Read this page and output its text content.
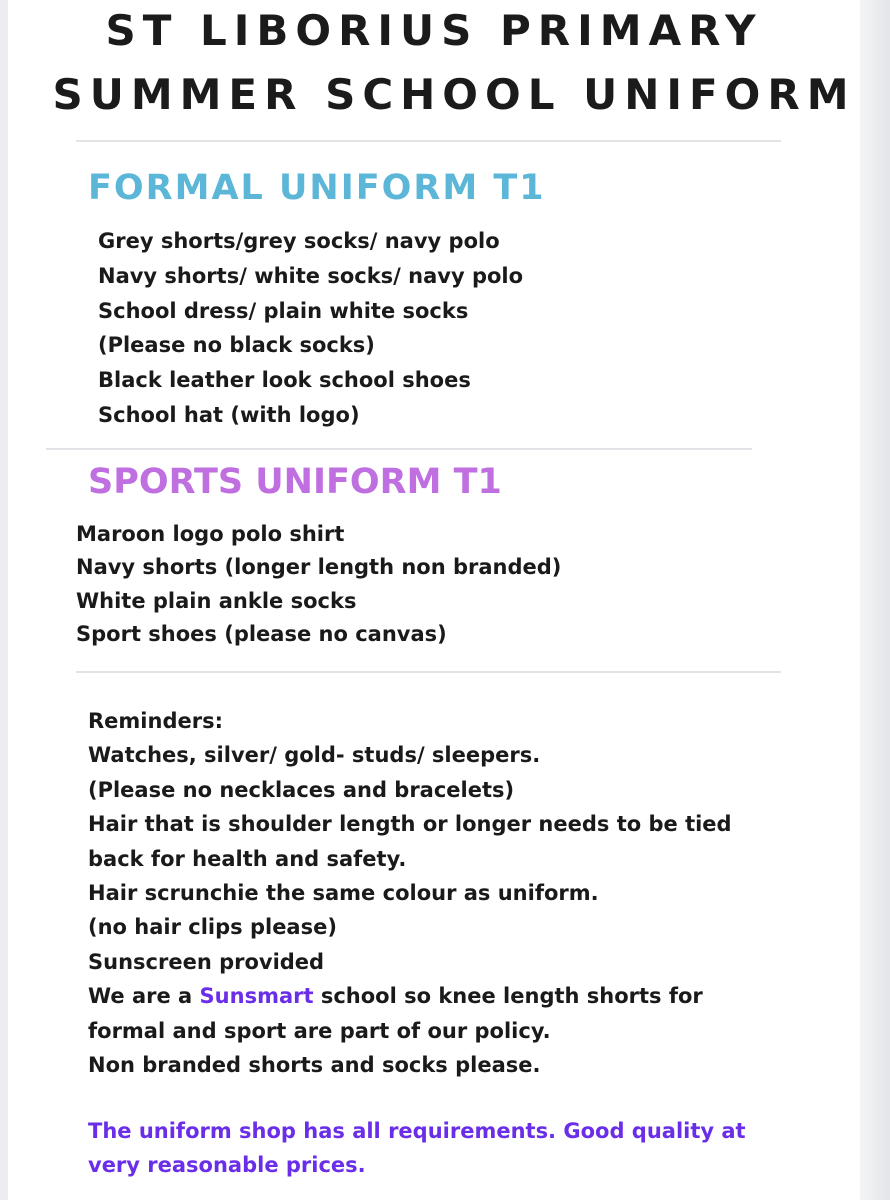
ST LIBORIUS PRIMARY
SUMMER SCHOOL UNIFORM
FORMAL UNIFORM T1
Grey shorts/grey socks/ navy polo
Navy shorts/ white socks/ navy polo
School dress/ plain white socks
(Please no black socks)
Black leather look school shoes
School hat (with logo)
SPORTS UNIFORM T1
Maroon logo polo shirt
Navy shorts (longer length non branded)
White plain ankle socks
Sport shoes (please no canvas)

Reminders:

Watches, silver/ gold- studs/ sleepers.
(Please no necklaces and bracelets)
Hair that is shoulder length or longer needs to be tied
back for health and safety.
Hair scrunchie the same colour as uniform.
(no hair clips please)
Sunscreen provided
We are a Sunsmart school so knee length shorts for
formal and sport are part of our policy.
Non branded shorts and socks please.

The uniform shop has all requirements. Good quality at
very reasonable prices.
